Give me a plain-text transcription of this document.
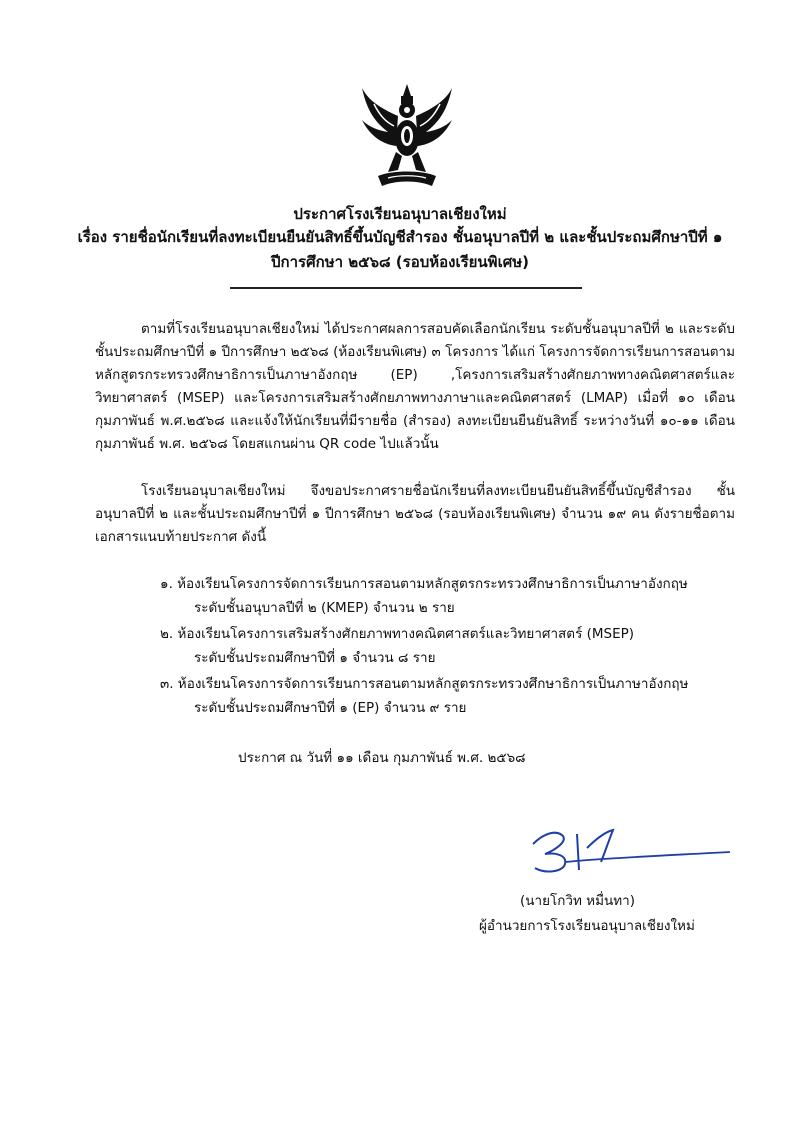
ประกาศโรงเรียนอนุบาลเชียงใหม่
เรื่อง รายชื่อนักเรียนที่ลงทะเบียนยืนยันสิทธิ์ขึ้นบัญชีสำรอง ชั้นอนุบาลปีที่ ๒ และชั้นประถมศึกษาปีที่ ๑
ปีการศึกษา ๒๕๖๘ (รอบห้องเรียนพิเศษ)
ตามที่โรงเรียนอนุบาลเชียงใหม่ ได้ประกาศผลการสอบคัดเลือกนักเรียน ระดับชั้นอนุบาลปีที่ ๒ และระดับชั้นประถมศึกษาปีที่ ๑ ปีการศึกษา ๒๕๖๘ (ห้องเรียนพิเศษ) ๓ โครงการ ได้แก่ โครงการจัดการเรียนการสอนตามหลักสูตรกระทรวงศึกษาธิการเป็นภาษาอังกฤษ (EP) ,โครงการเสริมสร้างศักยภาพทางคณิตศาสตร์และวิทยาศาสตร์ (MSEP) และโครงการเสริมสร้างศักยภาพทางภาษาและคณิตศาสตร์ (LMAP) เมื่อที่ ๑๐ เดือน กุมภาพันธ์ พ.ศ.๒๕๖๘ และแจ้งให้นักเรียนที่มีรายชื่อ (สำรอง) ลงทะเบียนยืนยันสิทธิ์ ระหว่างวันที่ ๑๐-๑๑ เดือน กุมภาพันธ์ พ.ศ. ๒๕๖๘ โดยสแกนผ่าน QR code ไปแล้วนั้น
โรงเรียนอนุบาลเชียงใหม่ จึงขอประกาศรายชื่อนักเรียนที่ลงทะเบียนยืนยันสิทธิ์ขึ้นบัญชีสำรอง ชั้นอนุบาลปีที่ ๒ และชั้นประถมศึกษาปีที่ ๑ ปีการศึกษา ๒๕๖๘ (รอบห้องเรียนพิเศษ) จำนวน ๑๙ คน ดังรายชื่อตามเอกสารแนบท้ายประกาศ ดังนี้
๑. ห้องเรียนโครงการจัดการเรียนการสอนตามหลักสูตรกระทรวงศึกษาธิการเป็นภาษาอังกฤษ
ระดับชั้นอนุบาลปีที่ ๒ (KMEP) จำนวน ๒ ราย
๒. ห้องเรียนโครงการเสริมสร้างศักยภาพทางคณิตศาสตร์และวิทยาศาสตร์ (MSEP)
ระดับชั้นประถมศึกษาปีที่ ๑ จำนวน ๘ ราย
๓. ห้องเรียนโครงการจัดการเรียนการสอนตามหลักสูตรกระทรวงศึกษาธิการเป็นภาษาอังกฤษ
ระดับชั้นประถมศึกษาปีที่ ๑ (EP) จำนวน ๙ ราย
ประกาศ ณ วันที่ ๑๑ เดือน กุมภาพันธ์ พ.ศ. ๒๕๖๘
(นายโกวิท หมื่นทา)
ผู้อำนวยการโรงเรียนอนุบาลเชียงใหม่
